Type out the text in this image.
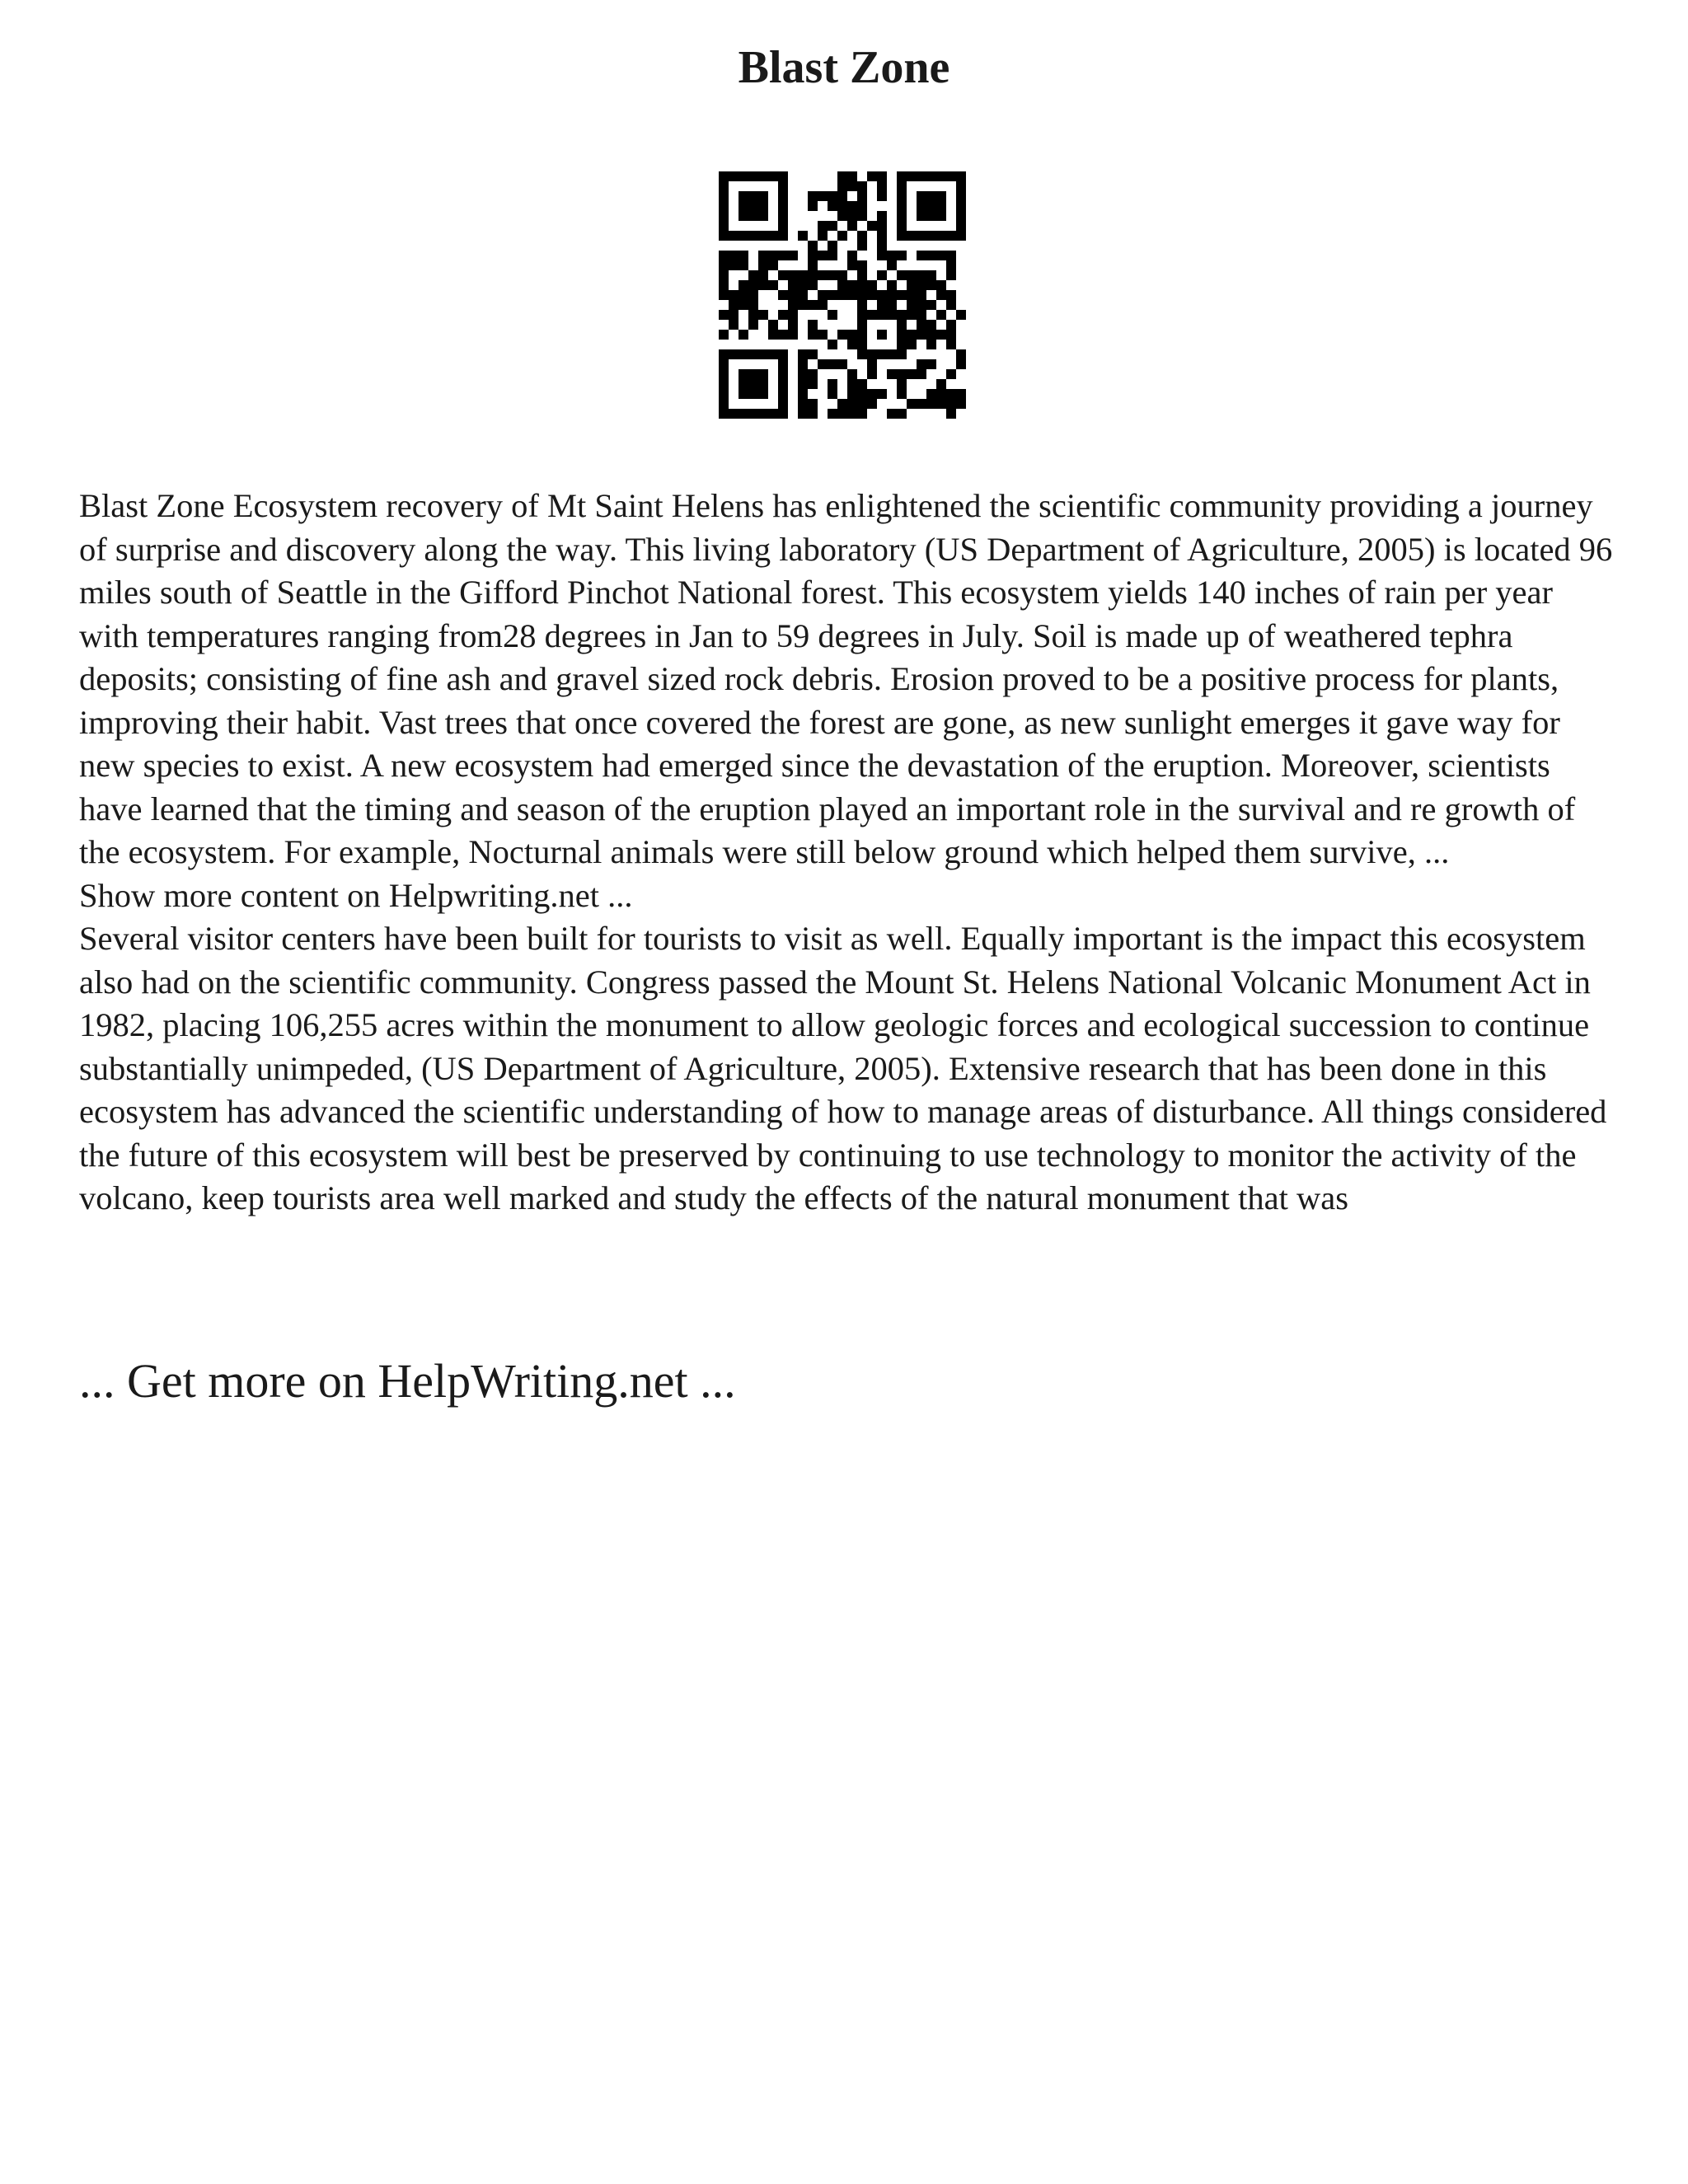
Blast Zone

Blast Zone Ecosystem recovery of Mt Saint Helens has enlightened the scientific community providing a journey of surprise and discovery along the way. This living laboratory (US Department of Agriculture, 2005) is located 96 miles south of Seattle in the Gifford Pinchot National forest. This ecosystem yields 140 inches of rain per year with temperatures ranging from28 degrees in Jan to 59 degrees in July. Soil is made up of weathered tephra deposits; consisting of fine ash and gravel sized rock debris. Erosion proved to be a positive process for plants, improving their habit. Vast trees that once covered the forest are gone, as new sunlight emerges it gave way for new species to exist. A new ecosystem had emerged since the devastation of the eruption. Moreover, scientists have learned that the timing and season of the eruption played an important role in the survival and re growth of the ecosystem. For example, Nocturnal animals were still below ground which helped them survive, ...

Show more content on Helpwriting.net ...

Several visitor centers have been built for tourists to visit as well. Equally important is the impact this ecosystem also had on the scientific community. Congress passed the Mount St. Helens National Volcanic Monument Act in 1982, placing 106,255 acres within the monument to allow geologic forces and ecological succession to continue substantially unimpeded, (US Department of Agriculture, 2005). Extensive research that has been done in this ecosystem has advanced the scientific understanding of how to manage areas of disturbance. All things considered the future of this ecosystem will best be preserved by continuing to use technology to monitor the activity of the volcano, keep tourists area well marked and study the effects of the natural monument that was

... Get more on HelpWriting.net ...
